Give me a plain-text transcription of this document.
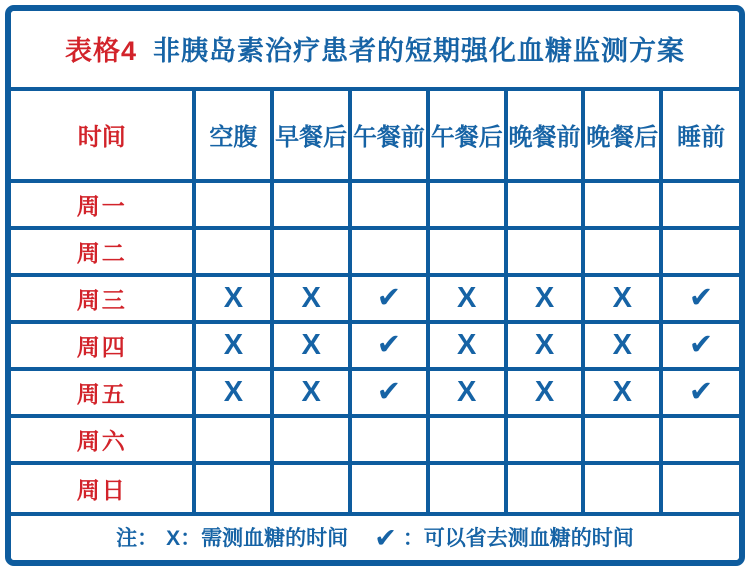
表格4 非胰岛素治疗患者的短期强化血糖监测方案							
时间	空腹	早餐后	午餐前	午餐后	晚餐前	晚餐后	睡前
周一							
周二							
周三	X	X	✔	X	X	X	✔
周四	X	X	✔	X	X	X	✔
周五	X	X	✔	X	X	X	✔
周六							
周日							
注： X：需测血糖的时间 ✔ ：可以省去测血糖的时间							
